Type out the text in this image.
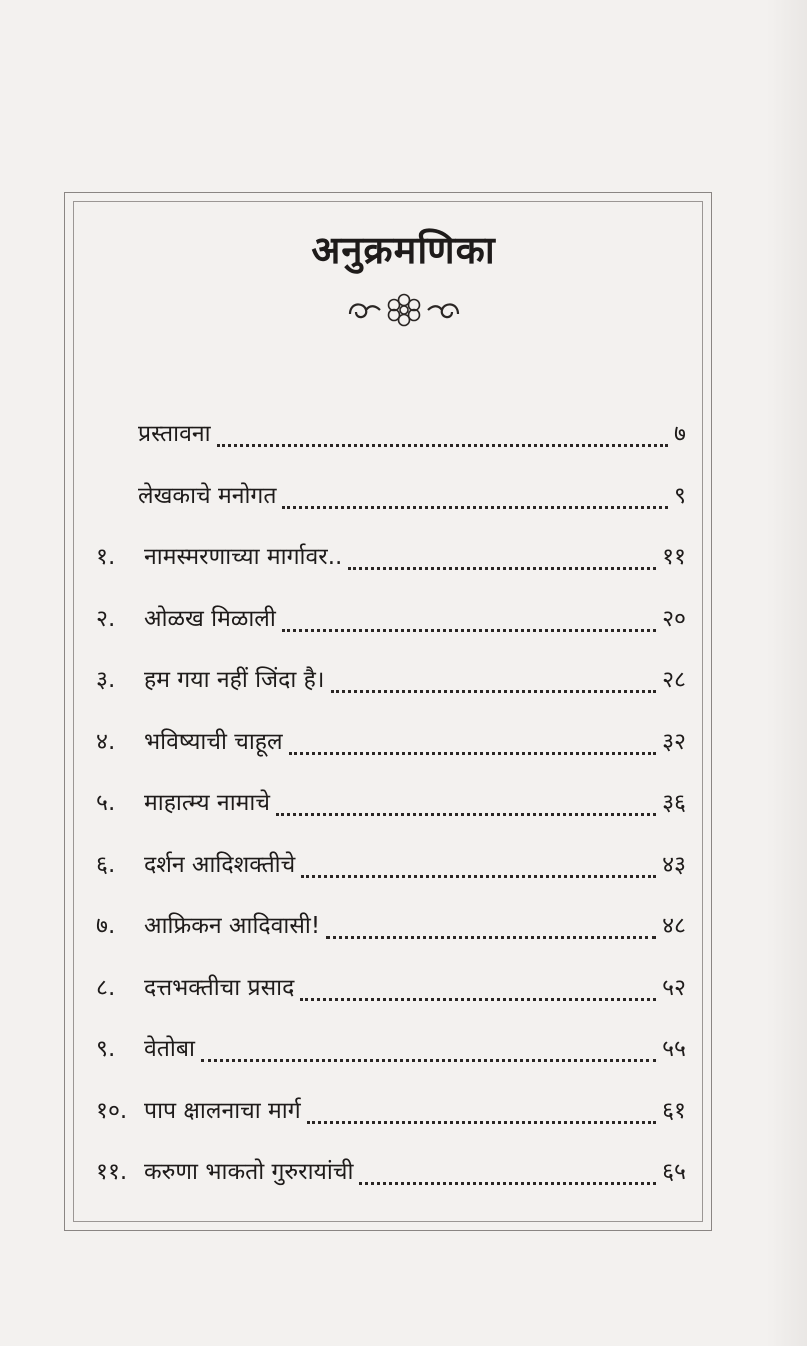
अनुक्रमणिका
प्रस्तावना	७
लेखकाचे मनोगत	९
१.	नामस्मरणाच्या मार्गावर..	११
२.	ओळख मिळाली	२०
३.	हम गया नहीं जिंदा है।	२८
४.	भविष्याची चाहूल	३२
५.	माहात्म्य नामाचे	३६
६.	दर्शन आदिशक्तीचे	४३
७.	आफ्रिकन आदिवासी!	४८
८.	दत्तभक्तीचा प्रसाद	५२
९.	वेतोबा	५५
१०. पाप क्षालनाचा मार्ग	६१
११. करुणा भाकतो गुरुरायांची	६५
